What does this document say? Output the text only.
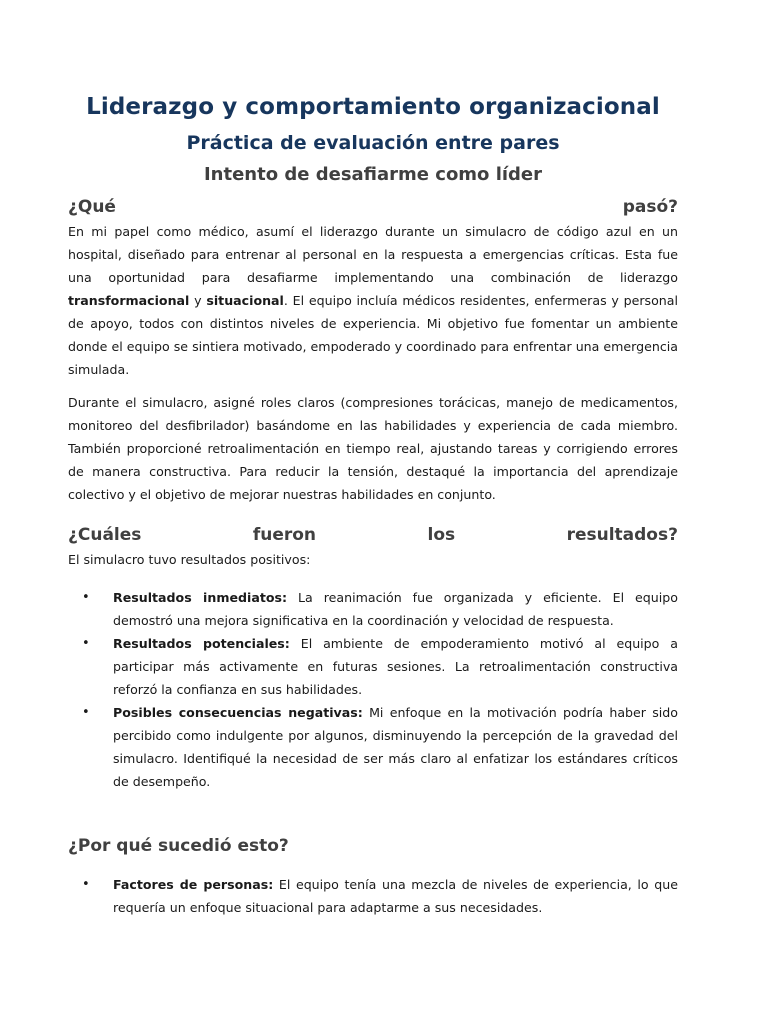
Liderazgo y comportamiento organizacional
Práctica de evaluación entre pares
Intento de desafiarme como líder
¿Qué	pasó?

En mi papel como médico, asumí el liderazgo durante un simulacro de código azul en un hospital, diseñado para entrenar al personal en la respuesta a emergencias críticas. Esta fue una oportunidad para desafiarme implementando una combinación de liderazgo transformacional y situacional. El equipo incluía médicos residentes, enfermeras y personal de apoyo, todos con distintos niveles de experiencia. Mi objetivo fue fomentar un ambiente donde el equipo se sintiera motivado, empoderado y coordinado para enfrentar una emergencia simulada.

Durante el simulacro, asigné roles claros (compresiones torácicas, manejo de medicamentos, monitoreo del desfibrilador) basándome en las habilidades y experiencia de cada miembro. También proporcioné retroalimentación en tiempo real, ajustando tareas y corrigiendo errores de manera constructiva. Para reducir la tensión, destaqué la importancia del aprendizaje colectivo y el objetivo de mejorar nuestras habilidades en conjunto.

¿Cuáles	fueron	los	resultados?

El simulacro tuvo resultados positivos:

• Resultados inmediatos: La reanimación fue organizada y eficiente. El equipo demostró una mejora significativa en la coordinación y velocidad de respuesta.
• Resultados potenciales: El ambiente de empoderamiento motivó al equipo a participar más activamente en futuras sesiones. La retroalimentación constructiva reforzó la confianza en sus habilidades.
• Posibles consecuencias negativas: Mi enfoque en la motivación podría haber sido percibido como indulgente por algunos, disminuyendo la percepción de la gravedad del simulacro. Identifiqué la necesidad de ser más claro al enfatizar los estándares críticos de desempeño.
¿Por qué sucedió esto?
• Factores de personas: El equipo tenía una mezcla de niveles de experiencia, lo que requería un enfoque situacional para adaptarme a sus necesidades.
